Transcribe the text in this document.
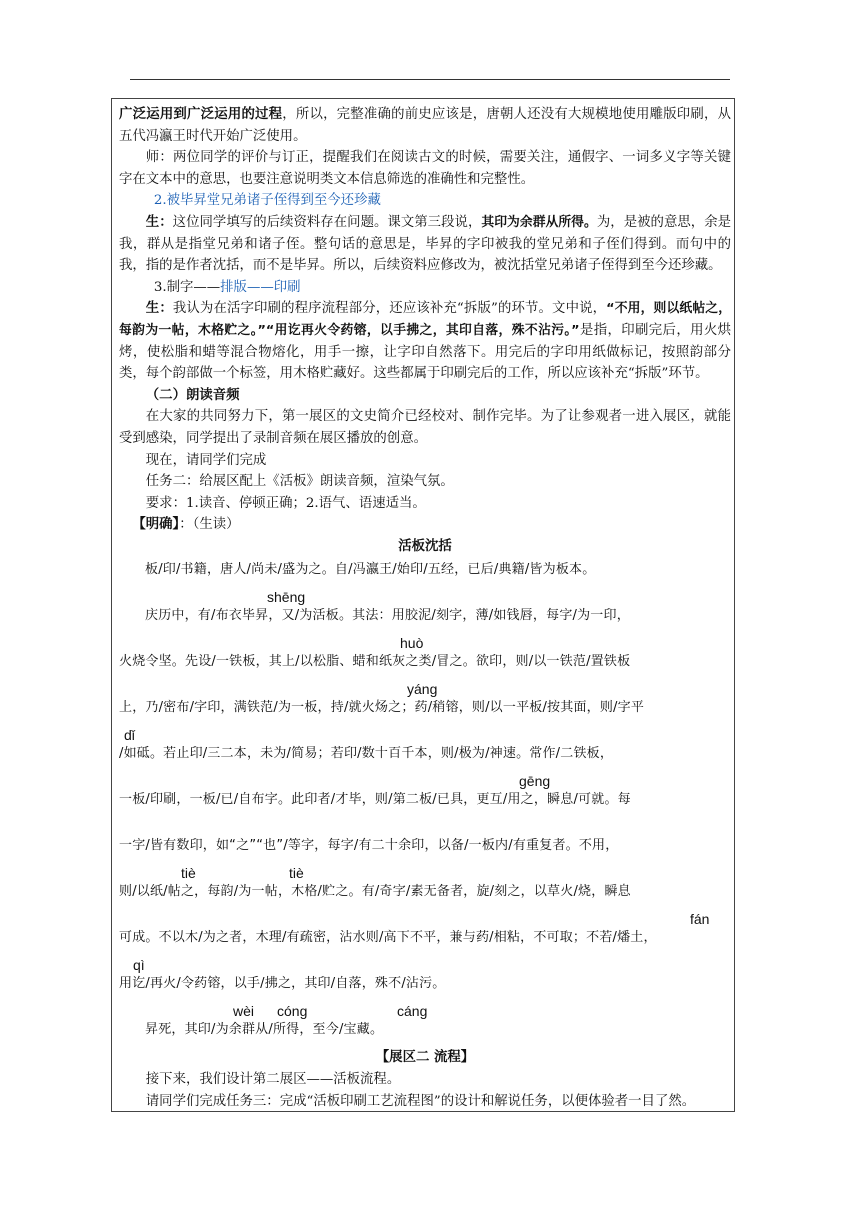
广泛运用到广泛运用的过程，所以，完整准确的前史应该是，唐朝人还没有大规模地使用雕版印刷，从五代冯瀛王时代开始广泛使用。

师：两位同学的评价与订正，提醒我们在阅读古文的时候，需要关注，通假字、一词多义字等关键字在文本中的意思，也要注意说明类文本信息筛选的准确性和完整性。

2.被毕昇堂兄弟诸子侄得到至今还珍藏

生：这位同学填写的后续资料存在问题。课文第三段说，其印为余群从所得。为，是被的意思，余是我，群从是指堂兄弟和诸子侄。整句话的意思是，毕昇的字印被我的堂兄弟和子侄们得到。而句中的我，指的是作者沈括，而不是毕昇。所以，后续资料应修改为，被沈括堂兄弟诸子侄得到至今还珍藏。

3.制字——排版——印刷

生：我认为在活字印刷的程序流程部分，还应该补充“拆版”的环节。文中说，“不用，则以纸帖之，每韵为一帖，木格贮之。”“用讫再火令药镕，以手拂之，其印自落，殊不沾污。”是指，印刷完后，用火烘烤，使松脂和蜡等混合物熔化，用手一擦，让字印自然落下。用完后的字印用纸做标记，按照韵部分类，每个韵部做一个标签，用木格贮藏好。这些都属于印刷完后的工作，所以应该补充“拆版”环节。

（二）朗读音频

在大家的共同努力下，第一展区的文史简介已经校对、制作完毕。为了让参观者一进入展区，就能受到感染，同学提出了录制音频在展区播放的创意。

现在，请同学们完成

任务二：给展区配上《活板》朗读音频，渲染气氛。

要求：1.读音、停顿正确；2.语气、语速适当。

【明确】：（生读）

活板沈括

板/印/书籍，唐人/尚未/盛为之。自/冯瀛王/始印/五经，已后/典籍/皆为板本。
shēng
庆历中，有/布衣毕昇，又/为活板。其法：用胶泥/刻字，薄/如钱唇，每字/为一印，
huò
火烧令坚。先设/一铁板，其上/以松脂、蜡和纸灰之类/冒之。欲印，则/以一铁范/置铁板
yáng
上，乃/密布/字印，满铁范/为一板，持/就火炀之；药/稍镕，则/以一平板/按其面，则/字平
dǐ
/如砥。若止印/三二本，未为/简易；若印/数十百千本，则/极为/神速。常作/二铁板，
gēng
一板/印刷，一板/已/自布字。此印者/才毕，则/第二板/已具，更互/用之，瞬息/可就。每
一字/皆有数印，如“之”“也”/等字，每字/有二十余印，以备/一板内/有重复者。不用，
tiè	tiè
则/以纸/帖之，每韵/为一帖，木格/贮之。有/奇字/素无备者，旋/刻之，以草火/烧，瞬息
fán
可成。不以木/为之者，木理/有疏密，沾水则/高下不平，兼与药/相粘，不可取；不若/燔土，
qì
用讫/再火/令药镕，以手/拂之，其印/自落，殊不/沾污。
wèi cóng	cáng
昇死，其印/为余群从/所得，至今/宝藏。

【展区二 流程】

接下来，我们设计第二展区——活板流程。

请同学们完成任务三：完成“活板印刷工艺流程图”的设计和解说任务，以便体验者一目了然。
